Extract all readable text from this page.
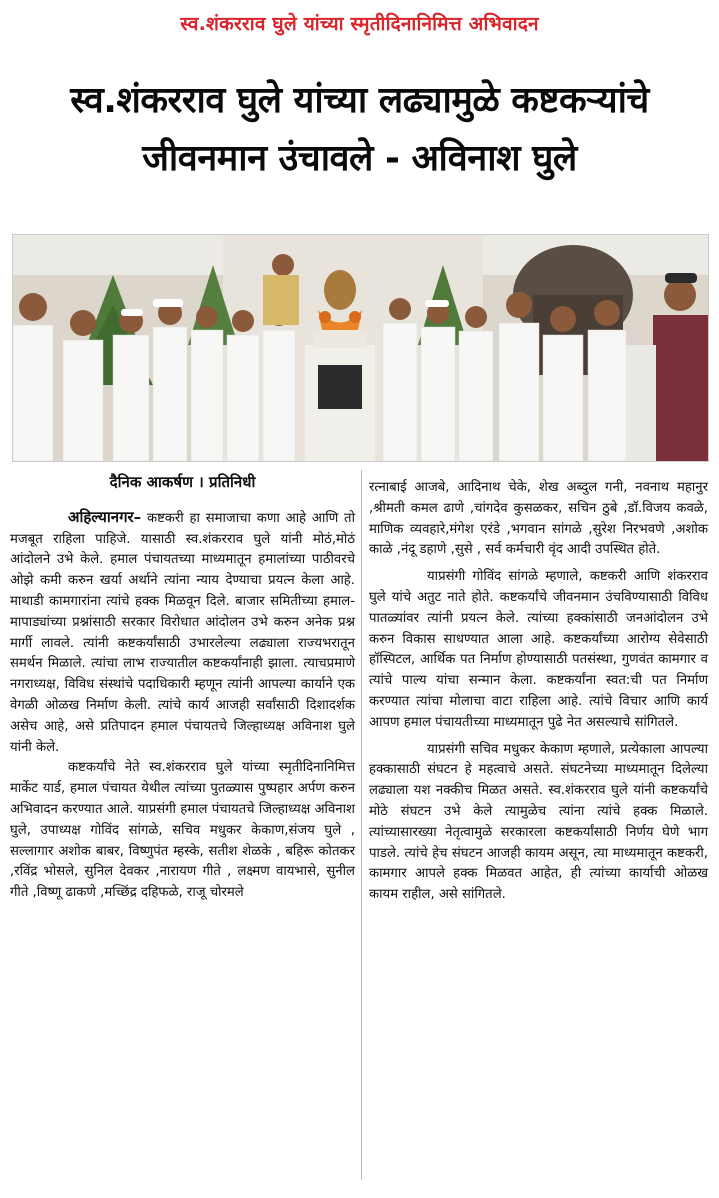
स्व.शंकरराव घुले यांच्या स्मृतीदिनानिमित्त अभिवादन
स्व.शंकरराव घुले यांच्या लढ्यामुळे कष्टकऱ्यांचे
जीवनमान उंचावले - अविनाश घुले
दैनिक आकर्षण । प्रतिनिधी

अहिल्यानगर– कष्टकरी हा समाजाचा कणा आहे आणि तो मजबूत राहिला पाहिजे. यासाठी स्व.शंकरराव घुले यांनी मोठं,मोठं आंदोलने उभे केले. हमाल पंचायतच्या माध्यमातून हमालांच्या पाठीवरचे ओझे कमी करुन खर्या अर्थाने त्यांना न्याय देण्याचा प्रयत्न केला आहे. माथाडी कामगारांना त्यांचे हक्क मिळवून दिले. बाजार समितीच्या हमाल-मापाड्यांच्या प्रश्नांसाठी सरकार विरोधात आंदोलन उभे करुन अनेक प्रश्न मार्गी लावले. त्यांनी कष्टकर्यांसाठी उभारलेल्या लढ्याला राज्यभरातून समर्थन मिळाले. त्यांचा लाभ राज्यातील कष्टकर्यांनाही झाला. त्याचप्रमाणे नगराध्यक्ष, विविध संस्थांचे पदाधिकारी म्हणून त्यांनी आपल्या कार्याने एक वेगळी ओळख निर्माण केली. त्यांचे कार्य आजही सर्वांसाठी दिशादर्शक असेच आहे, असे प्रतिपादन हमाल पंचायतचे जिल्हाध्यक्ष अविनाश घुले यांनी केले.

कष्टकर्यांचे नेते स्व.शंकरराव घुले यांच्या स्मृतीदिनानिमित्त मार्केट यार्ड, हमाल पंचायत येथील त्यांच्या पुतळ्यास पुष्पहार अर्पण करुन अभिवादन करण्यात आले. याप्रसंगी हमाल पंचायतचे जिल्हाध्यक्ष अविनाश घुले, उपाध्यक्ष गोविंद सांगळे, सचिव मधुकर केकाण,संजय घुले , सल्लागार अशोक बाबर, विष्णुपंत म्हस्के, सतीश शेळके , बहिरू कोतकर ,रविंद्र भोसले, सुनिल देवकर ,नारायण गीते , लक्ष्मण वायभासे, सुनील गीते ,विष्णू ढाकणे ,मच्छिंद्र दहिफळे, राजू चोरमले

रत्नाबाई आजबे, आदिनाथ चेके, शेख अब्दुल गनी, नवनाथ महानुर ,श्रीमती कमल ढाणे ,चांगदेव कुसळकर, सचिन ठुबे ,डॉ.विजय कवळे, माणिक व्यवहारे,मंगेश एरंडे ,भगवान सांगळे ,सुरेश निरभवणे ,अशोक काळे ,नंदू डहाणे ,सुसे , सर्व कर्मचारी वृंद आदी उपस्थित होते.

याप्रसंगी गोविंद सांगळे म्हणाले, कष्टकरी आणि शंकरराव घुले यांचे अतुट नाते होते. कष्टकर्यांचे जीवनमान उंचविण्यासाठी विविध पातळ्यांवर त्यांनी प्रयत्न केले. त्यांच्या हक्कांसाठी जनआंदोलन उभे करुन विकास साधण्यात आला आहे. कष्टकर्यांच्या आरोग्य सेवेसाठी हॉस्पिटल, आर्थिक पत निर्माण होण्यासाठी पतसंस्था, गुणवंत कामगार व त्यांचे पाल्य यांचा सन्मान केला. कष्टकर्यांना स्वत:ची पत निर्माण करण्यात त्यांचा मोलाचा वाटा राहिला आहे. त्यांचे विचार आणि कार्य आपण हमाल पंचायतीच्या माध्यमातून पुढे नेत असल्याचे सांगितले.

याप्रसंगी सचिव मधुकर केकाण म्हणाले, प्रत्येकाला आपल्या हक्कासाठी संघटन हे महत्वाचे असते. संघटनेच्या माध्यमातून दिलेल्या लढ्याला यश नक्कीच मिळत असते. स्व.शंकरराव घुले यांनी कष्टकर्यांचे मोठे संघटन उभे केले त्यामुळेच त्यांना त्यांचे हक्क मिळाले. त्यांच्यासारख्या नेतृत्वामुळे सरकारला कष्टकर्यांसाठी निर्णय घेणे भाग पाडले. त्यांचे हेच संघटन आजही कायम असून, त्या माध्यमातून कष्टकरी, कामगार आपले हक्क मिळवत आहेत, ही त्यांच्या कार्याची ओळख कायम राहील, असे सांगितले.
